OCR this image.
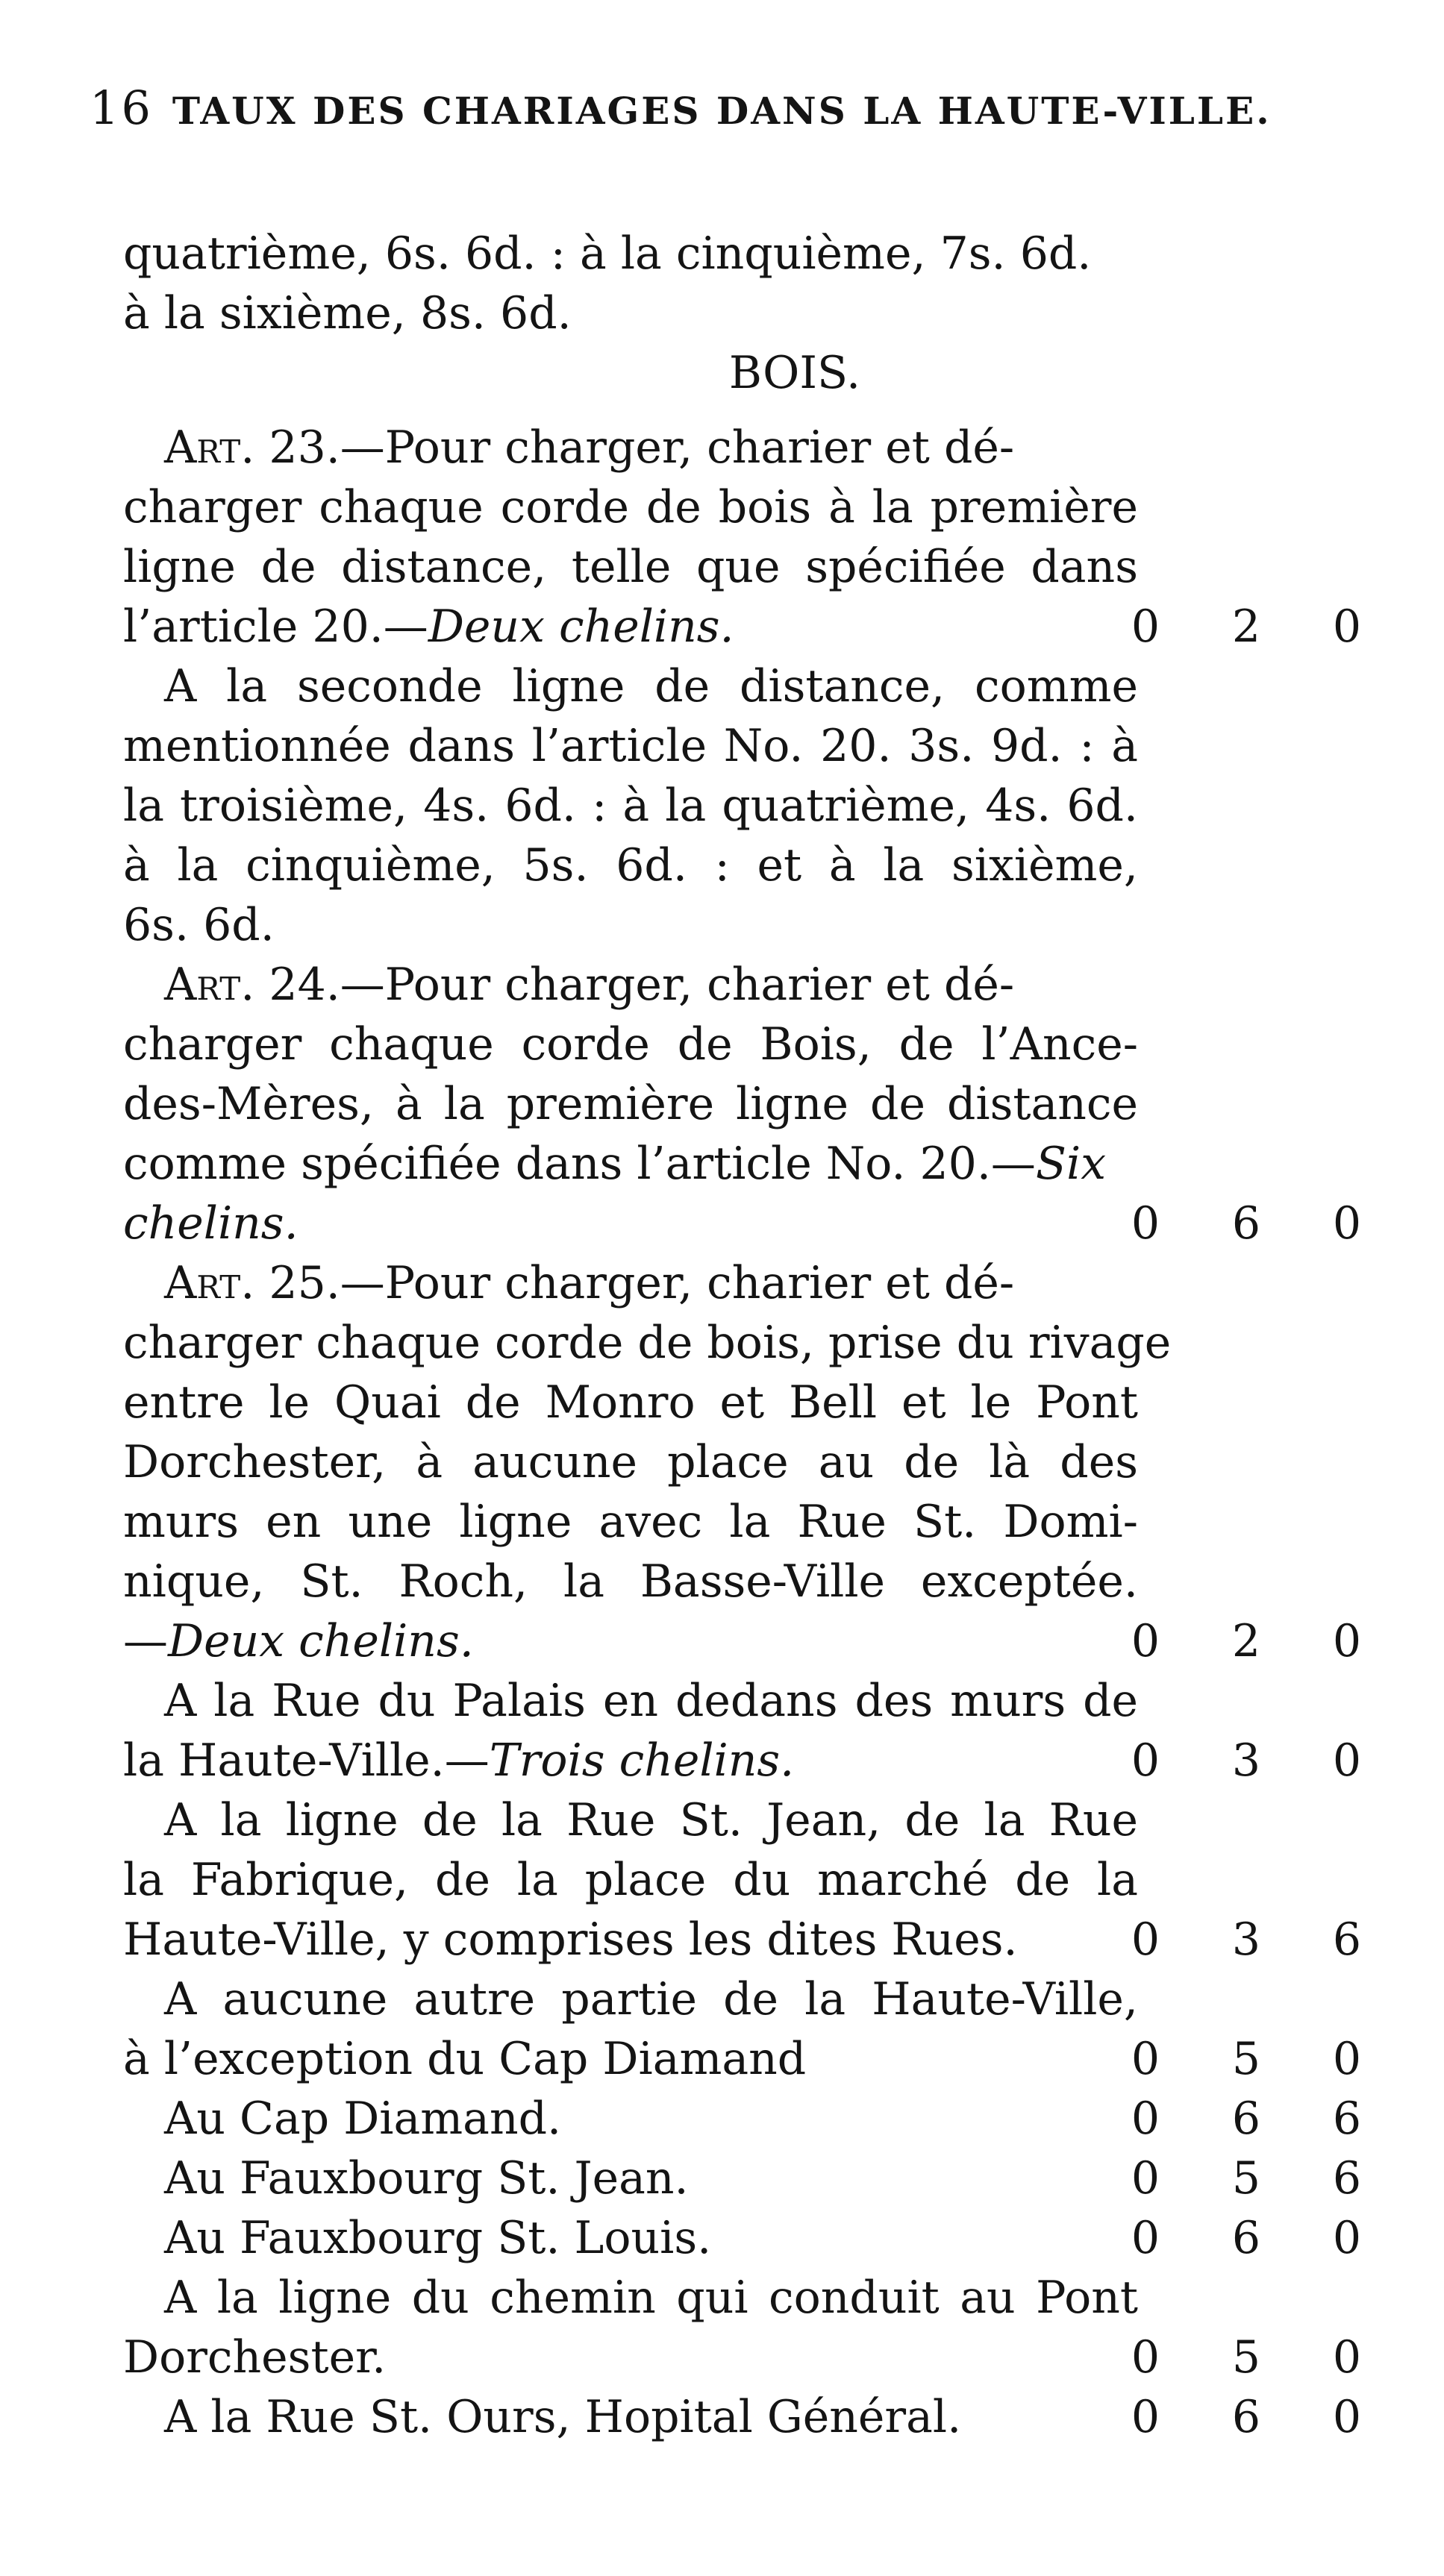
16 TAUX DES CHARIAGES DANS LA HAUTE-VILLE.
quatrième, 6s. 6d. : à la cinquième, 7s. 6d.
à la sixième, 8s. 6d.
BOIS.
Art. 23.—Pour charger, charier et dé-
charger chaque corde de bois à la première
ligne de distance, telle que spécifiée dans
l’article 20.—Deux chelins.	0 2 0
A la seconde ligne de distance, comme
mentionnée dans l’article No. 20. 3s. 9d. : à
la troisième, 4s. 6d. : à la quatrième, 4s. 6d.
à la cinquième, 5s. 6d. : et à la sixième,
6s. 6d.
Art. 24.—Pour charger, charier et dé-
charger chaque corde de Bois, de l’Ance-
des-Mères, à la première ligne de distance
comme spécifiée dans l’article No. 20.—Six
chelins.	0 6 0
Art. 25.—Pour charger, charier et dé-
charger chaque corde de bois, prise du rivage
entre le Quai de Monro et Bell et le Pont
Dorchester, à aucune place au de là des
murs en une ligne avec la Rue St. Domi-
nique, St. Roch, la Basse-Ville exceptée.
—Deux chelins.	0 2 0
A la Rue du Palais en dedans des murs de
la Haute-Ville.—Trois chelins.	0 3 0
A la ligne de la Rue St. Jean, de la Rue
la Fabrique, de la place du marché de la
Haute-Ville, y comprises les dites Rues.	0 3 6
A aucune autre partie de la Haute-Ville,
à l’exception du Cap Diamand	0 5 0
Au Cap Diamand.	0 6 6
Au Fauxbourg St. Jean.	0 5 6
Au Fauxbourg St. Louis.	0 6 0
A la ligne du chemin qui conduit au Pont
Dorchester.	0 5 0
A la Rue St. Ours, Hopital Général.	0 6 0
